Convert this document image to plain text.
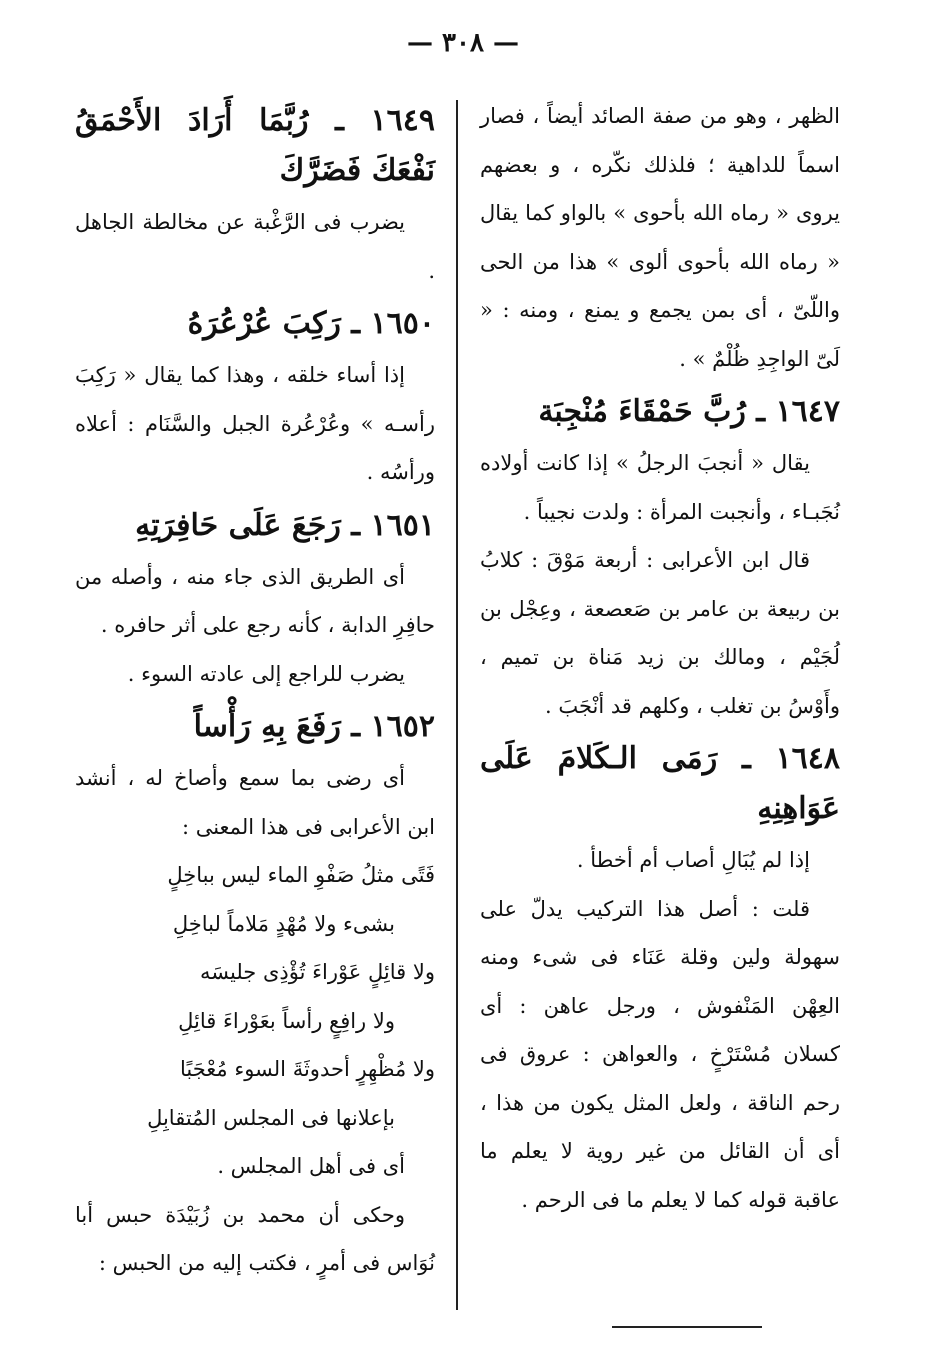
— ٣٠٨ —

الظهر ، وهو من صفة الصائد أيضاً ، فصار اسماً للداهية ؛ فلذلك نكّره ، و بعضهم يروى « رماه الله بأحوى » بالواو كما يقال « رماه الله بأحوى ألوى » هذا من الحى واللّىّ ، أى بمن يجمع و يمنع ، ومنه : « لَىّ الواجِدِ ظُلْمٌ » .

١٦٤٧ ـ رُبَّ حَمْقَاءَ مُنْجِبَة

يقال « أنجبَ الرجلُ » إذا كانت أولاده نُجَبـاء ، وأنجبت المرأة : ولدت نجيباً .

قال ابن الأعرابى : أربعة مَوْقَ : كلابُ بن ربيعة بن عامر بن صَعصعة ، وعِجْل بن لُجَيْم ، ومالك بن زيد مَناة بن تميم ، وأَوْسُ بن تغلب ، وكلهم قد أنْجَبَ .

١٦٤٨ ـ رَمَى الـكَلامَ عَلَى عَوَاهِنِهِ

إذا لم يُبَالِ أصاب أم أخطأ .

قلت : أصل هذا التركيب يدلّ على سهولة ولين وقلة عَنَاء فى شىء ومنه العِهْن المَنْفوش ، ورجل عاهن : أى كسلان مُسْتَرْخٍ ، والعواهن : عروق فى رحم الناقة ، ولعل المثل يكون من هذا ، أى أن القائل من غير روية لا يعلم ما عاقبة قوله كما لا يعلم ما فى الرحم .

١٦٤٩ ـ رُبَّمَا أَرَادَ الأَحْمَقُ نَفْعَكَ فَضَرَّكَ

يضرب فى الرَّغْبة عن مخالطة الجاهل .

١٦٥٠ ـ رَكِبَ عُرْعُرَهُ

إذا أساء خلقه ، وهذا كما يقال « رَكِبَ رأسـه » وعُرْعُرة الجبل والسَّنَام : أعلاه ورأسُه .

١٦٥١ ـ رَجَعَ عَلَى حَافِرَتِهِ

أى الطريق الذى جاء منه ، وأصله من حافِرِ الدابة ، كأنه رجع على أثر حافره .

يضرب للراجع إلى عادته السوء .

١٦٥٢ ـ رَفَعَ بِهِ رَأْساً

أى رضى بما سمع وأصاخ له ، أنشد ابن الأعرابى فى هذا المعنى :

فَتًى مثلُ صَفْوِ الماء ليس بباخِلٍ

بشىء ولا مُهْدٍ مَلاماً لباخِلِ

ولا قائِلٍ عَوْراءَ تُؤْذِى جليسَه

ولا رافِعٍ رأساً بعَوْراءَ قائِلِ

ولا مُظْهِرٍ أحدوثَةَ السوء مُعْجَبًا

بإعلانها فى المجلس المُتقابِلِ

أى فى أهل المجلس .

وحكى أن محمد بن زُبَيْدَة حبس أبا نُوَاس فى أمرٍ ، فكتب إليه من الحبس :
